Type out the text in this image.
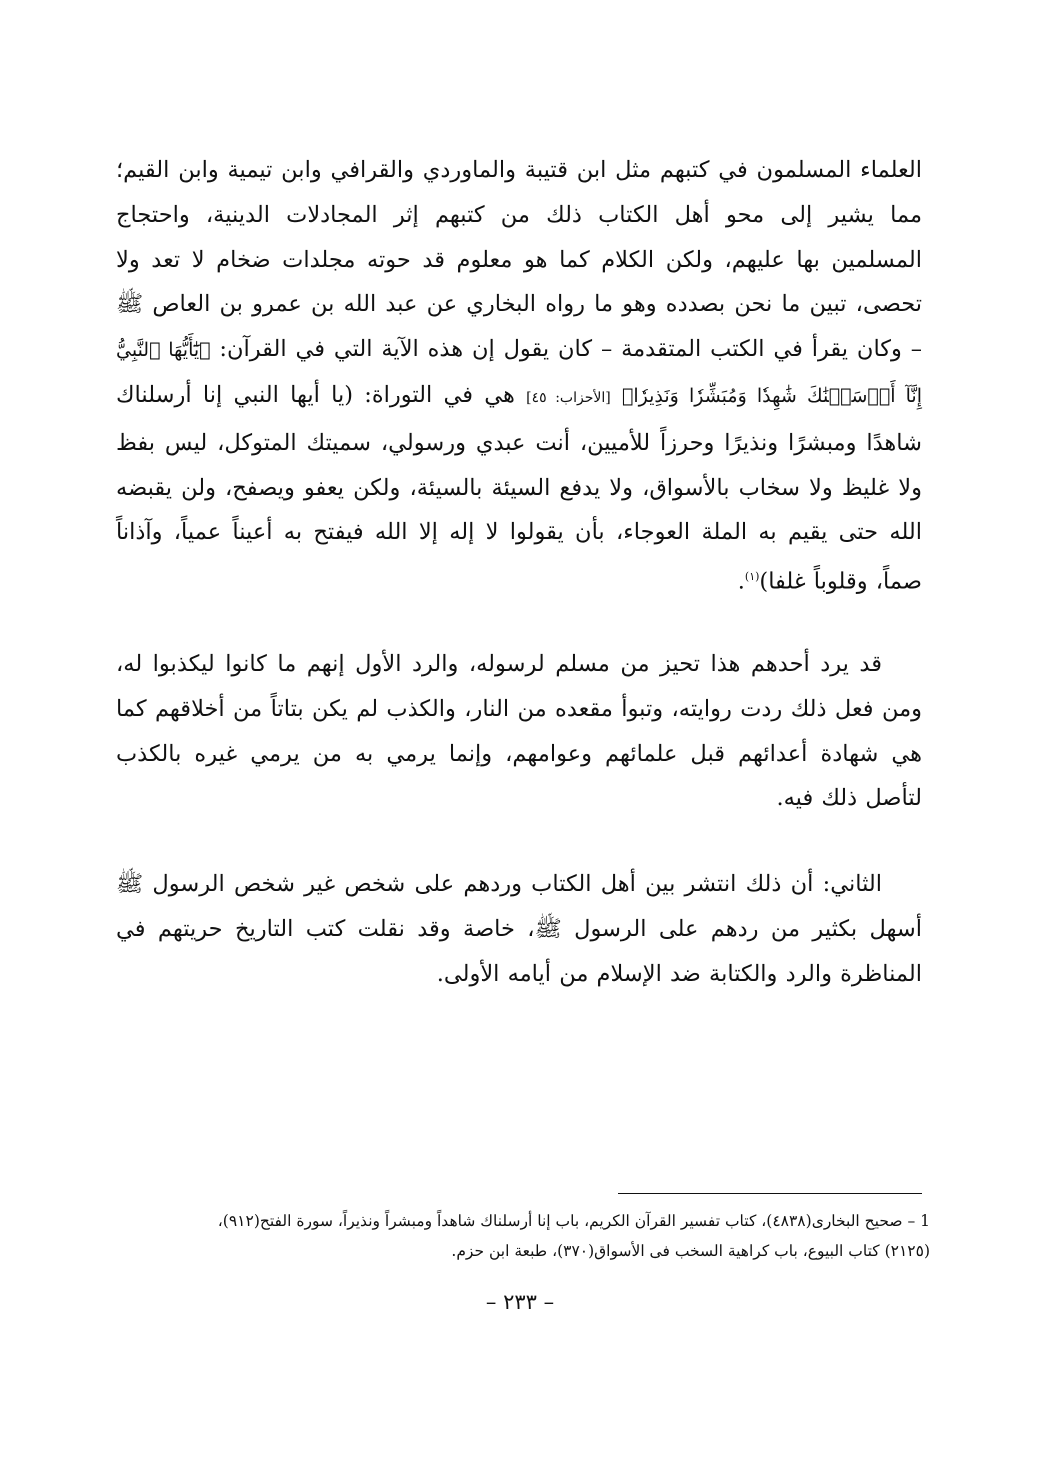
العلماء المسلمون في كتبهم مثل ابن قتيبة والماوردي والقرافي وابن تيمية وابن القيم؛ مما يشير إلى محو أهل الكتاب ذلك من كتبهم إثر المجادلات الدينية، واحتجاج المسلمين بها عليهم، ولكن الكلام كما هو معلوم قد حوته مجلدات ضخام لا تعد ولا تحصى، تبين ما نحن بصدده وهو ما رواه البخاري عن عبد الله بن عمرو بن العاص ﷺ – وكان يقرأ في الكتب المتقدمة – كان يقول إن هذه الآية التي في القرآن: ﴿يَٰٓأَيُّهَا ٱلنَّبِيُّ إِنَّآ أَرۡسَلۡنَٰكَ شَٰهِدٗا وَمُبَشِّرٗا وَنَذِيرٗا﴾ [الأحزاب: ٤٥] هي في التوراة: (يا أيها النبي إنا أرسلناك شاهدًا ومبشرًا ونذيرًا وحرزاً للأميين، أنت عبدي ورسولي، سميتك المتوكل، ليس بفظ ولا غليظ ولا سخاب بالأسواق، ولا يدفع السيئة بالسيئة، ولكن يعفو ويصفح، ولن يقبضه الله حتى يقيم به الملة العوجاء، بأن يقولوا لا إله إلا الله فيفتح به أعيناً عمياً، وآذاناً صماً، وقلوباً غلفا)$^{(١)}$.

قد يرد أحدهم هذا تحيز من مسلم لرسوله، والرد الأول إنهم ما كانوا ليكذبوا له، ومن فعل ذلك ردت روايته، وتبوأ مقعده من النار، والكذب لم يكن بتاتاً من أخلاقهم كما هي شهادة أعدائهم قبل علمائهم وعوامهم، وإنما يرمي به من يرمي غيره بالكذب لتأصل ذلك فيه.

الثاني: أن ذلك انتشر بين أهل الكتاب وردهم على شخص غير شخص الرسول ﷺ أسهل بكثير من ردهم على الرسول ﷺ، خاصة وقد نقلت كتب التاريخ حريتهم في المناظرة والرد والكتابة ضد الإسلام من أيامه الأولى.

1 – صحيح البخارى(٤٨٣٨)، كتاب تفسير القرآن الكريم، باب إنا أرسلناك شاهداً ومبشراً ونذيراً، سورة الفتح(٩١٢)،
(٢١٢٥) كتاب البيوع، باب كراهية السخب فى الأسواق(٣٧٠)، طبعة ابن حزم.
– ٢٣٣ –
